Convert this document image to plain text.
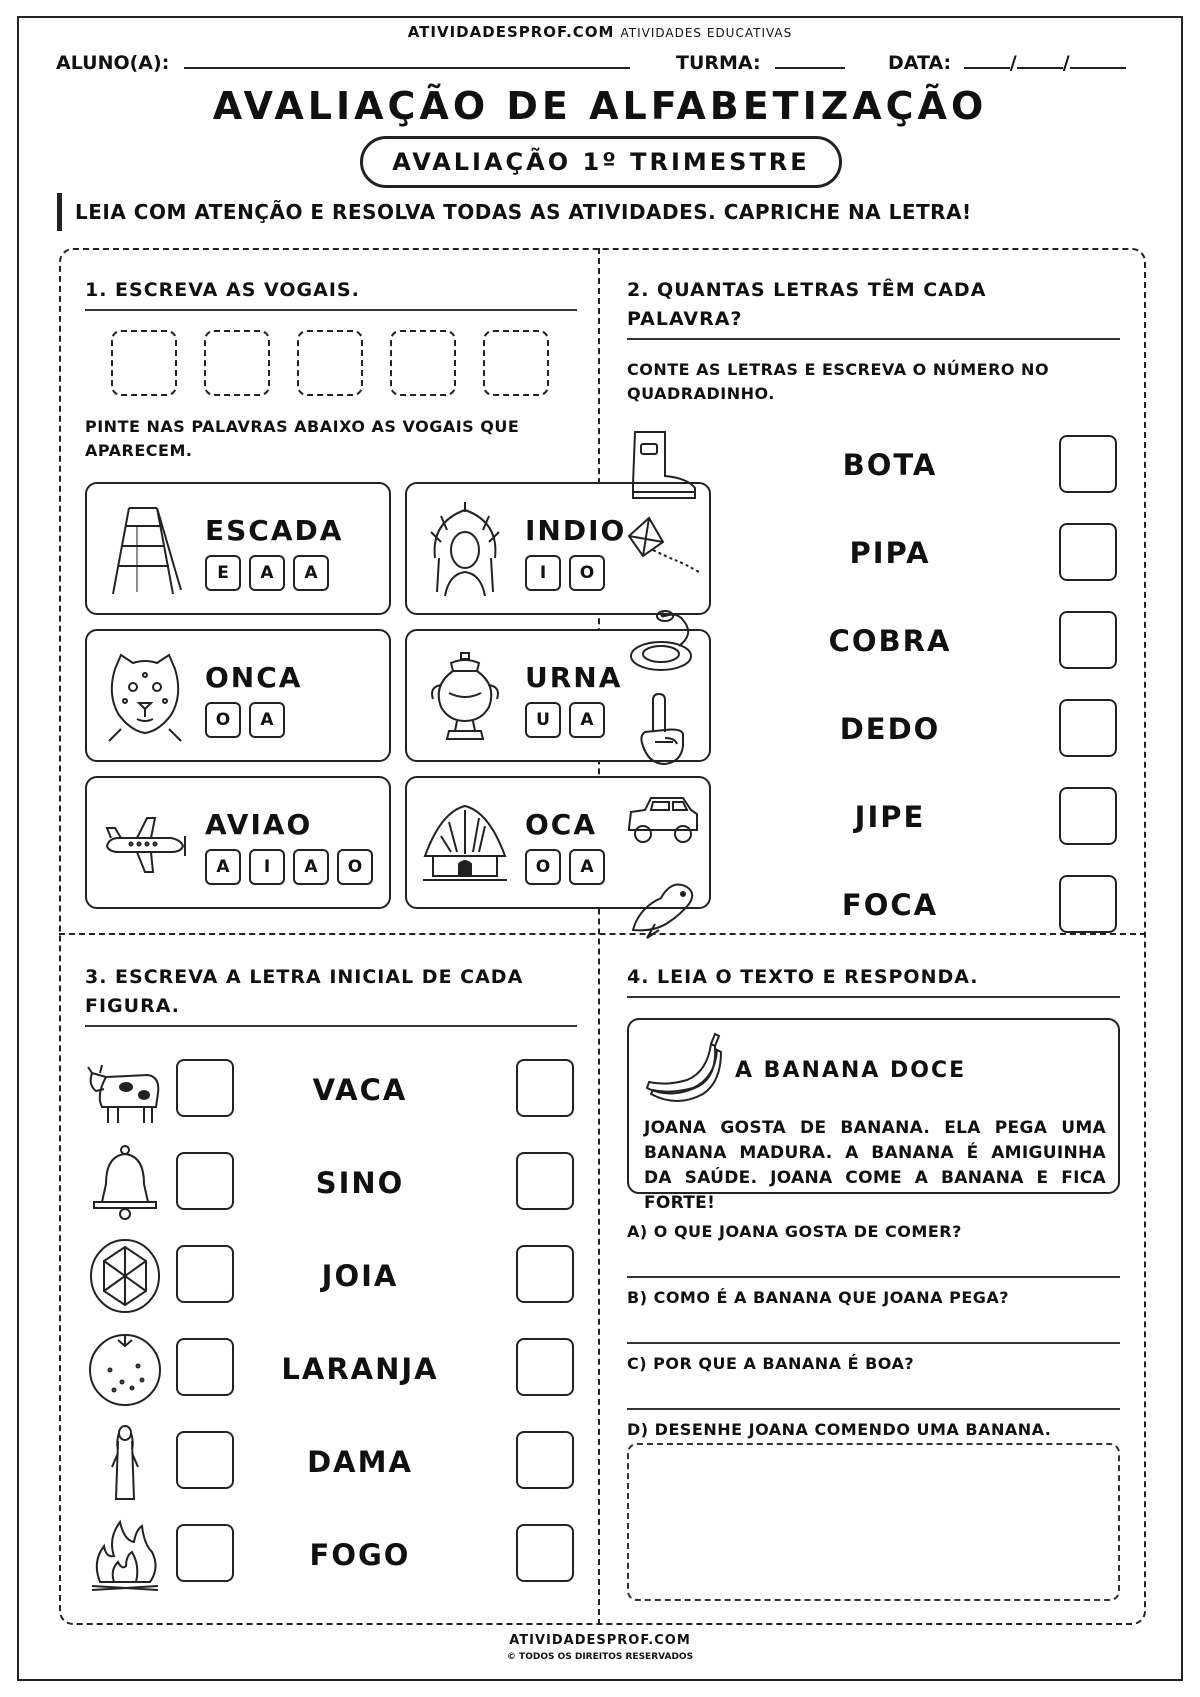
ATIVIDADESPROF.COM ATIVIDADES EDUCATIVAS
ALUNO(A):	TURMA:	DATA:	/ /
AVALIAÇÃO DE ALFABETIZAÇÃO
AVALIAÇÃO 1º TRIMESTRE
LEIA COM ATENÇÃO E RESOLVA TODAS AS ATIVIDADES. CAPRICHE NA LETRA!
1. ESCREVA AS VOGAIS.
PINTE NAS PALAVRAS ABAIXO AS VOGAIS QUE APARECEM.
ESCADA
E	A	A
INDIO
I	O
ONCA
O	A
URNA
U	A
AVIAO
A	I	A	O
OCA
O	A
2. QUANTAS LETRAS TÊM CADA
PALAVRA?
CONTE AS LETRAS E ESCREVA O NÚMERO NO QUADRADINHO.
BOTA
PIPA
COBRA
DEDO
JIPE
FOCA
3. ESCREVA A LETRA INICIAL DE CADA
FIGURA.
VACA
SINO
JOIA
LARANJA
DAMA
FOGO
4. LEIA O TEXTO E RESPONDA.
A BANANA DOCE
JOANA GOSTA DE BANANA. ELA PEGA UMA BANANA MADURA. A BANANA É AMIGUINHA DA SAÚDE. JOANA COME A BANANA E FICA FORTE!
A) O QUE JOANA GOSTA DE COMER?
B) COMO É A BANANA QUE JOANA PEGA?
C) POR QUE A BANANA É BOA?
D) DESENHE JOANA COMENDO UMA BANANA.
ATIVIDADESPROF.COM
© TODOS OS DIREITOS RESERVADOS
